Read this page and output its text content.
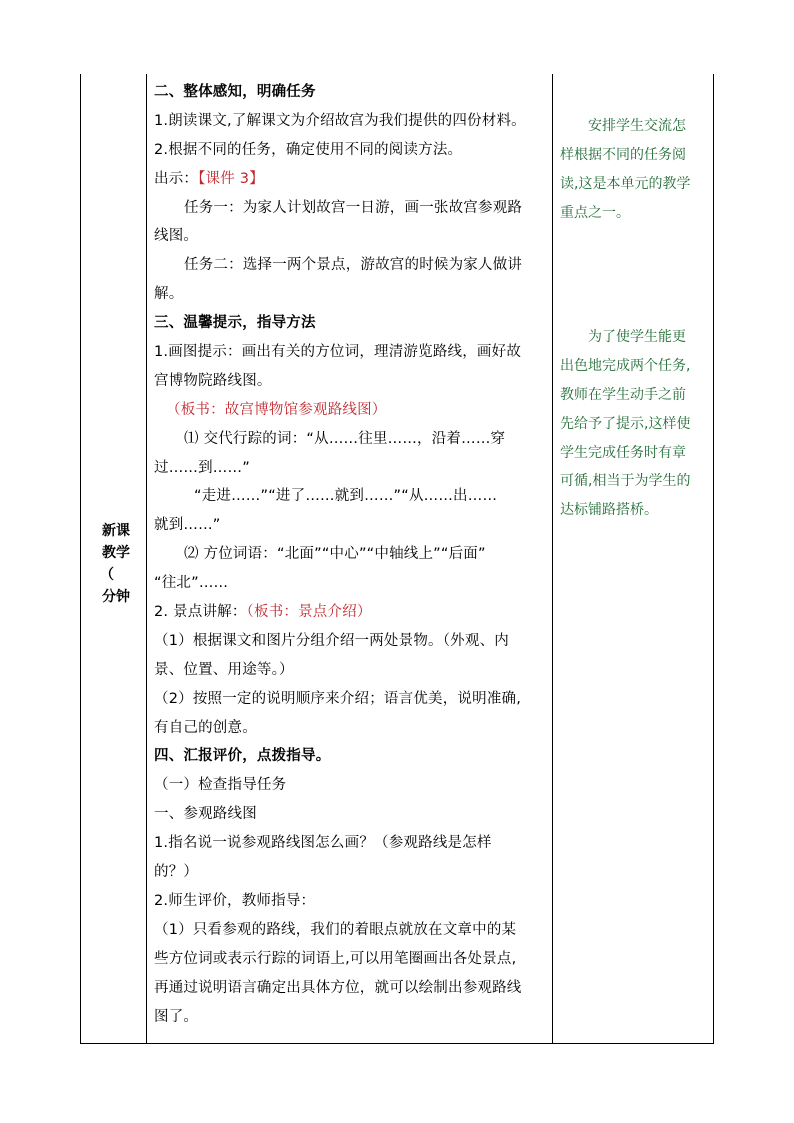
新课
教学
（
分钟
二、整体感知，明确任务
1.朗读课文,了解课文为介绍故宫为我们提供的四份材料。
2.根据不同的任务，确定使用不同的阅读方法。
出示：【课件 3】
任务一：为家人计划故宫一日游，画一张故宫参观路
线图。
任务二：选择一两个景点，游故宫的时候为家人做讲
解。
三、温馨提示，指导方法
1.画图提示：画出有关的方位词，理清游览路线，画好故
宫博物院路线图。
（板书：故宫博物馆参观路线图）
⑴ 交代行踪的词：“从……往里……，沿着……穿
过……到……”
“走进……”“进了……就到……”“从……出……
就到……”
⑵ 方位词语：“北面”“中心”“中轴线上”“后面”
“往北”……
2. 景点讲解：（板书：景点介绍）
（1）根据课文和图片分组介绍一两处景物。（外观、内
景、位置、用途等。）
（2）按照一定的说明顺序来介绍；语言优美，说明准确,
有自己的创意。
四、汇报评价，点拨指导。
（一）检查指导任务
一、参观路线图
1.指名说一说参观路线图怎么画？（参观路线是怎样
的？）
2.师生评价，教师指导：
（1）只看参观的路线，我们的着眼点就放在文章中的某
些方位词或表示行踪的词语上,可以用笔圈画出各处景点,
再通过说明语言确定出具体方位，就可以绘制出参观路线
图了。
安排学生交流怎
样根据不同的任务阅
读,这是本单元的教学
重点之一。
为了使学生能更
出色地完成两个任务,
教师在学生动手之前
先给予了提示,这样使
学生完成任务时有章
可循,相当于为学生的
达标铺路搭桥。
